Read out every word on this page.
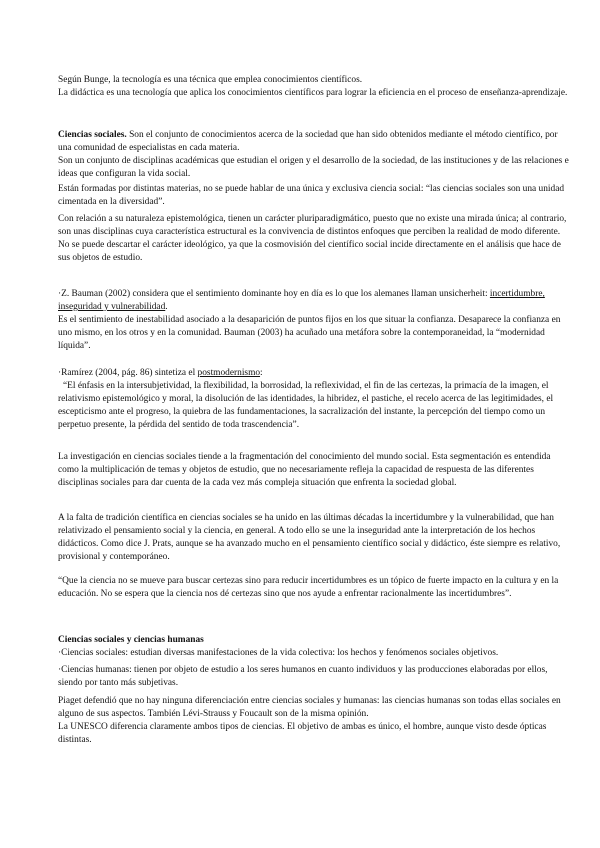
Según Bunge, la tecnología es una técnica que emplea conocimientos científicos.

La didáctica es una tecnología que aplica los conocimientos científicos para lograr la eficiencia en el proceso de enseñanza-aprendizaje.

Ciencias sociales. Son el conjunto de conocimientos acerca de la sociedad que han sido obtenidos mediante el método científico, por una comunidad de especialistas en cada materia.

Son un conjunto de disciplinas académicas que estudian el origen y el desarrollo de la sociedad, de las instituciones y de las relaciones e ideas que configuran la vida social.

Están formadas por distintas materias, no se puede hablar de una única y exclusiva ciencia social: “las ciencias sociales son una unidad cimentada en la diversidad”.

Con relación a su naturaleza epistemológica, tienen un carácter pluriparadigmático, puesto que no existe una mirada única; al contrario, son unas disciplinas cuya característica estructural es la convivencia de distintos enfoques que perciben la realidad de modo diferente. No se puede descartar el carácter ideológico, ya que la cosmovisión del científico social incide directamente en el análisis que hace de sus objetos de estudio.

·Z. Bauman (2002) considera que el sentimiento dominante hoy en día es lo que los alemanes llaman unsicherheit: incertidumbre, inseguridad y vulnerabilidad.

Es el sentimiento de inestabilidad asociado a la desaparición de puntos fijos en los que situar la confianza. Desaparece la confianza en uno mismo, en los otros y en la comunidad. Bauman (2003) ha acuñado una metáfora sobre la contemporaneidad, la “modernidad líquida”.

·Ramírez (2004, pág. 86) sintetiza el postmodernismo:

“El énfasis en la intersubjetividad, la flexibilidad, la borrosidad, la reflexividad, el fin de las certezas, la primacía de la imagen, el relativismo epistemológico y moral, la disolución de las identidades, la hibridez, el pastiche, el recelo acerca de las legitimidades, el escepticismo ante el progreso, la quiebra de las fundamentaciones, la sacralización del instante, la percepción del tiempo como un perpetuo presente, la pérdida del sentido de toda trascendencia”.

La investigación en ciencias sociales tiende a la fragmentación del conocimiento del mundo social. Esta segmentación es entendida como la multiplicación de temas y objetos de estudio, que no necesariamente refleja la capacidad de respuesta de las diferentes disciplinas sociales para dar cuenta de la cada vez más compleja situación que enfrenta la sociedad global.
A la falta de tradición científica en ciencias sociales se ha unido en las últimas décadas la incertidumbre y la vulnerabilidad, que han relativizado el pensamiento social y la ciencia, en general. A todo ello se une la inseguridad ante la interpretación de los hechos didácticos. Como dice J. Prats, aunque se ha avanzado mucho en el pensamiento científico social y didáctico, éste siempre es relativo, provisional y contemporáneo.
“Que la ciencia no se mueve para buscar certezas sino para reducir incertidumbres es un tópico de fuerte impacto en la cultura y en la educación. No se espera que la ciencia nos dé certezas sino que nos ayude a enfrentar racionalmente las incertidumbres”.

Ciencias sociales y ciencias humanas

·Ciencias sociales: estudian diversas manifestaciones de la vida colectiva: los hechos y fenómenos sociales objetivos.

·Ciencias humanas: tienen por objeto de estudio a los seres humanos en cuanto individuos y las producciones elaboradas por ellos, siendo por tanto más subjetivas.

Piaget defendió que no hay ninguna diferenciación entre ciencias sociales y humanas: las ciencias humanas son todas ellas sociales en alguno de sus aspectos. También Lévi-Strauss y Foucault son de la misma opinión.

La UNESCO diferencia claramente ambos tipos de ciencias. El objetivo de ambas es único, el hombre, aunque visto desde ópticas distintas.
